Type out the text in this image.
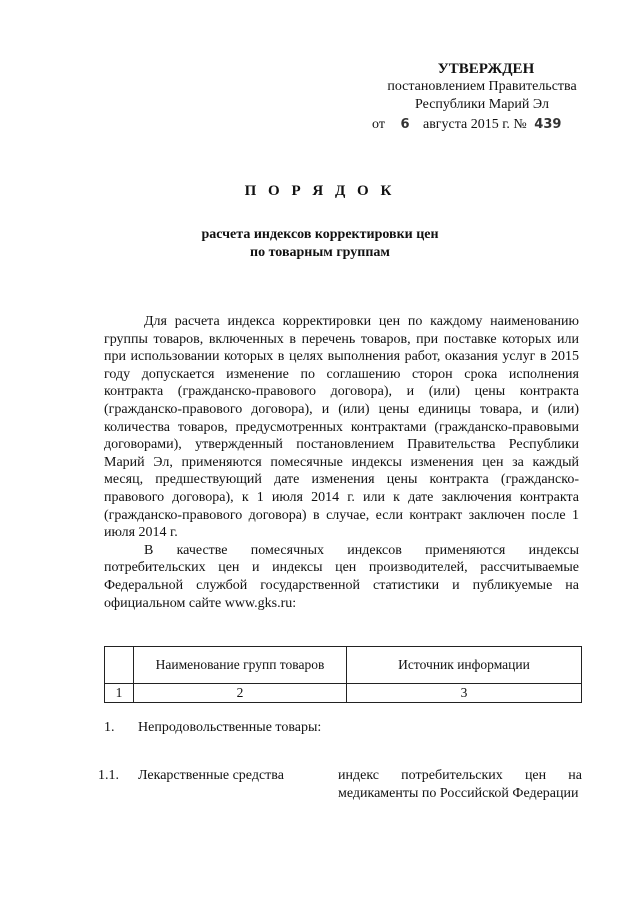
УТВЕРЖДЕН
постановлением Правительства
Республики Марий Эл
от 6 августа 2015 г. № 439
П О Р Я Д О К
расчета индексов корректировки цен
по товарным группам

Для расчета индекса корректировки цен по каждому наименованию группы товаров, включенных в перечень товаров, при поставке которых или при использовании которых в целях выполнения работ, оказания услуг в 2015 году допускается изменение по соглашению сторон срока исполнения контракта (гражданско-правового договора), и (или) цены контракта (гражданско-правового договора), и (или) цены единицы товара, и (или) количества товаров, предусмотренных контрактами (гражданско-правовыми договорами), утвержденный постановлением Правительства Республики Марий Эл, применяются помесячные индексы изменения цен за каждый месяц, предшествующий дате изменения цены контракта (гражданско-правового договора), к 1 июля 2014 г. или к дате заключения контракта (гражданско-правового договора) в случае, если контракт заключен после 1 июля 2014 г.

В качестве помесячных индексов применяются индексы потребительских цен и индексы цен производителей, рассчитываемые Федеральной службой государственной статистики и публикуемые на официальном сайте www.gks.ru:

	Наименование групп товаров	Источник информации
1	2	3
1. Непродовольственные товары:
1.1. Лекарственные средства	индекс потребительских цен на медикаменты по Российской Федерации
